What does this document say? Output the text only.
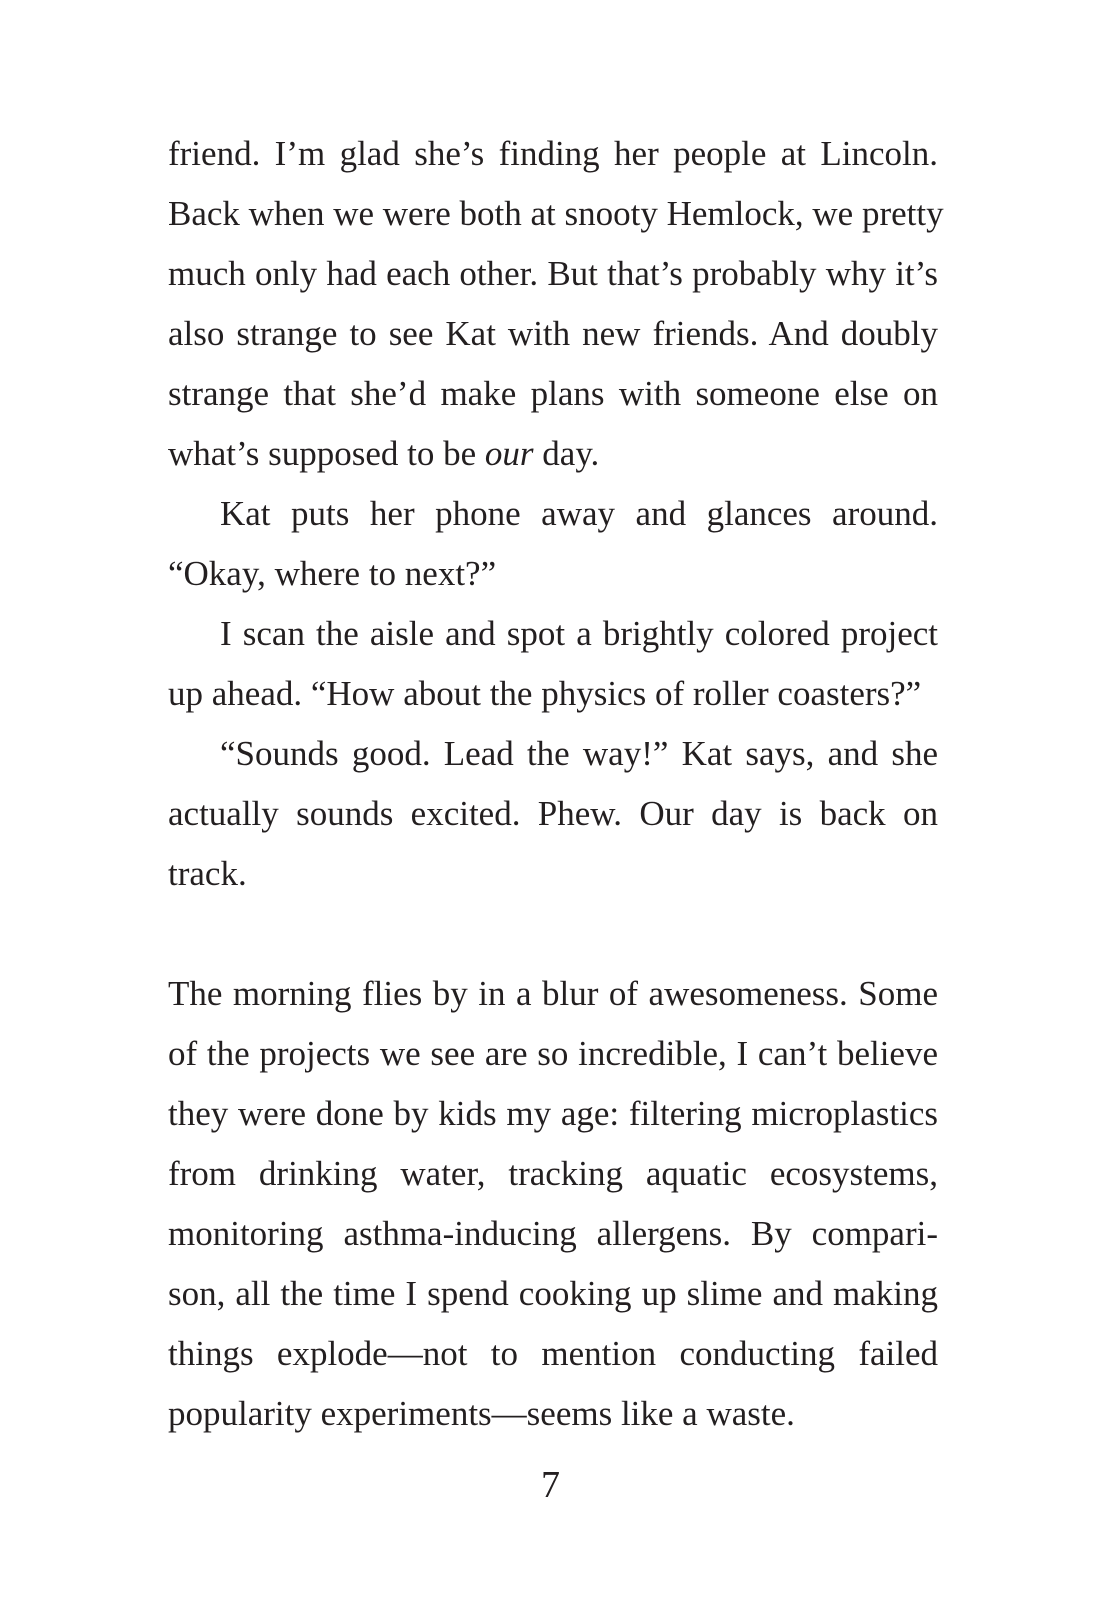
friend. I’m glad she’s finding her people at Lincoln.
Back when we were both at snooty Hemlock, we pretty
much only had each other. But that’s probably why it’s
also strange to see Kat with new friends. And doubly
strange that she’d make plans with someone else on
what’s supposed to be our day.
Kat puts her phone away and glances around.
“Okay, where to next?”
I scan the aisle and spot a brightly colored project
up ahead. “How about the physics of roller coasters?”
“Sounds good. Lead the way!” Kat says, and she
actually sounds excited. Phew. Our day is back on
track.
The morning flies by in a blur of awesomeness. Some
of the projects we see are so incredible, I can’t believe
they were done by kids my age: filtering microplastics
from drinking water, tracking aquatic ecosystems,
monitoring asthma-inducing allergens. By compari-
son, all the time I spend cooking up slime and making
things explode—not to mention conducting failed
popularity experiments—seems like a waste.
7
